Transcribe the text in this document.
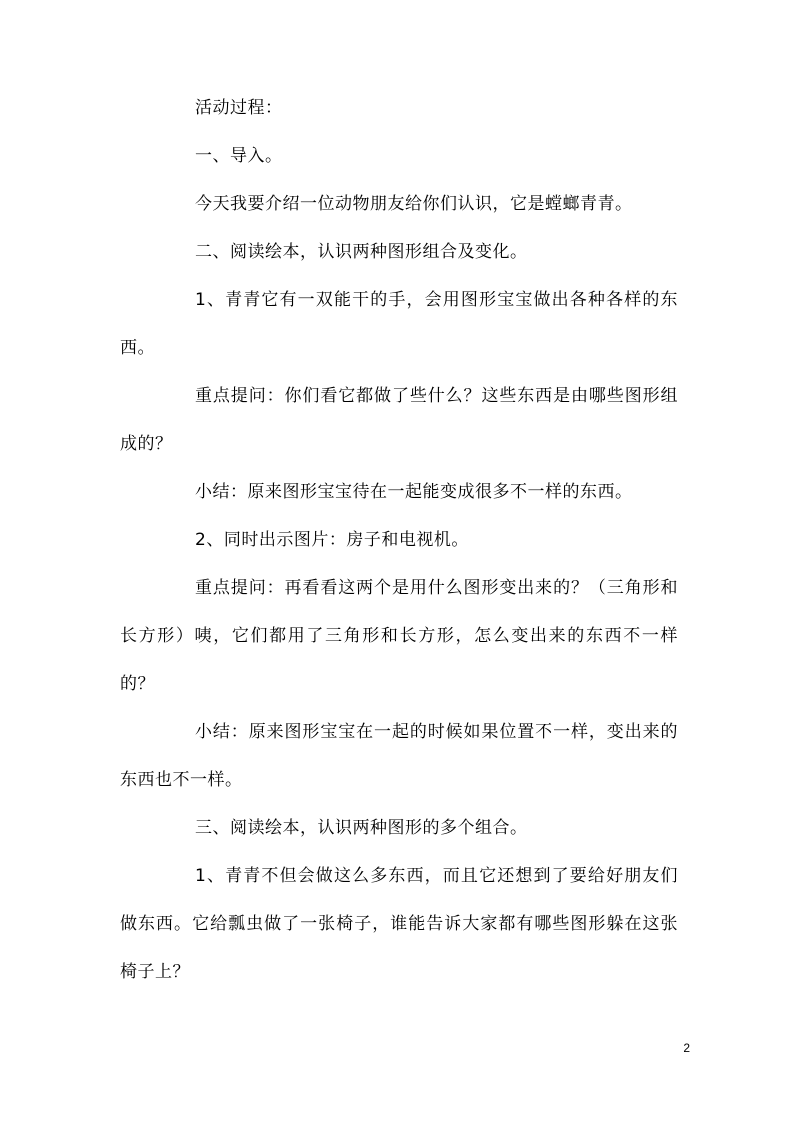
活动过程：

一、导入。

今天我要介绍一位动物朋友给你们认识，它是螳螂青青。

二、阅读绘本，认识两种图形组合及变化。

1、青青它有一双能干的手，会用图形宝宝做出各种各样的东西。

重点提问：你们看它都做了些什么？这些东西是由哪些图形组成的？

小结：原来图形宝宝待在一起能变成很多不一样的东西。

2、同时出示图片：房子和电视机。

重点提问：再看看这两个是用什么图形变出来的？（三角形和长方形）咦，它们都用了三角形和长方形，怎么变出来的东西不一样的？

小结：原来图形宝宝在一起的时候如果位置不一样，变出来的东西也不一样。

三、阅读绘本，认识两种图形的多个组合。

1、青青不但会做这么多东西，而且它还想到了要给好朋友们做东西。它给瓢虫做了一张椅子，谁能告诉大家都有哪些图形躲在这张椅子上？

2
